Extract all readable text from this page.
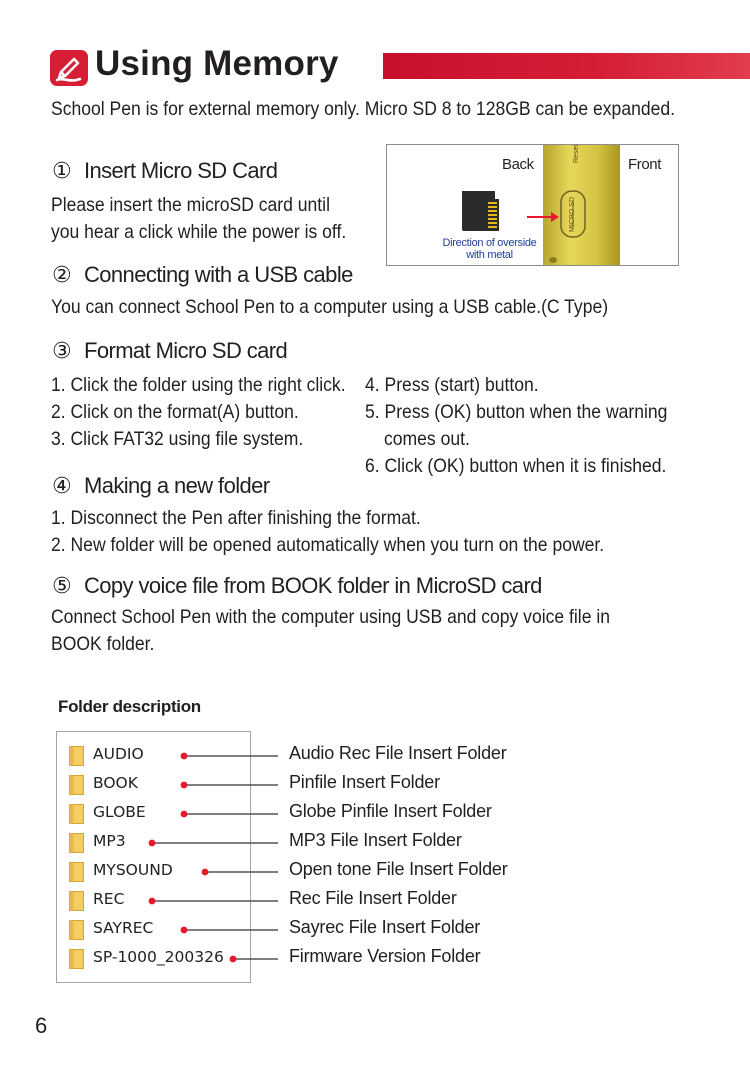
Using Memory
School Pen is for external memory only. Micro SD 8 to 128GB can be expanded.
① Insert Micro SD Card
Please insert the microSD card until
you hear a click while the power is off.
Back	Front
Reset
MICRO SD
Direction of overside
with metal
② Connecting with a USB cable
You can connect School Pen to a computer using a USB cable.(C Type)
③ Format Micro SD card
1. Click the folder using the right click.
2. Click on the format(A) button.
3. Click FAT32 using file system.
4. Press (start) button.
5. Press (OK) button when the warning
comes out.
6. Click (OK) button when it is finished.
④ Making a new folder
1. Disconnect the Pen after finishing the format.
2. New folder will be opened automatically when you turn on the power.
⑤ Copy voice file from BOOK folder in MicroSD card
Connect School Pen with the computer using USB and copy voice file in
BOOK folder.
Folder description
AUDIO
BOOK
GLOBE
MP3
MYSOUND
REC
SAYREC
SP-1000_200326
Audio Rec File Insert Folder
Pinfile Insert Folder
Globe Pinfile Insert Folder
MP3 File Insert Folder
Open tone File Insert Folder
Rec File Insert Folder
Sayrec File Insert Folder
Firmware Version Folder
6
